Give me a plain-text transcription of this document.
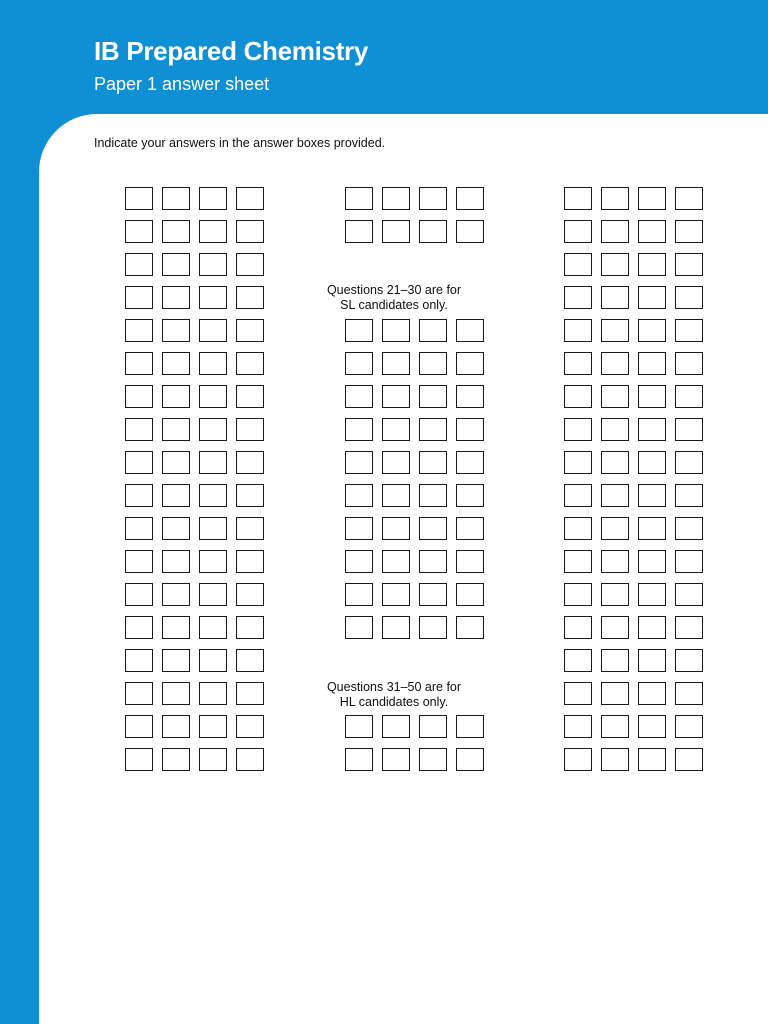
IB Prepared Chemistry
Paper 1 answer sheet
Indicate your answers in the answer boxes provided.
Questions 21–30 are for
SL candidates only.
Questions 31–50 are for
HL candidates only.
